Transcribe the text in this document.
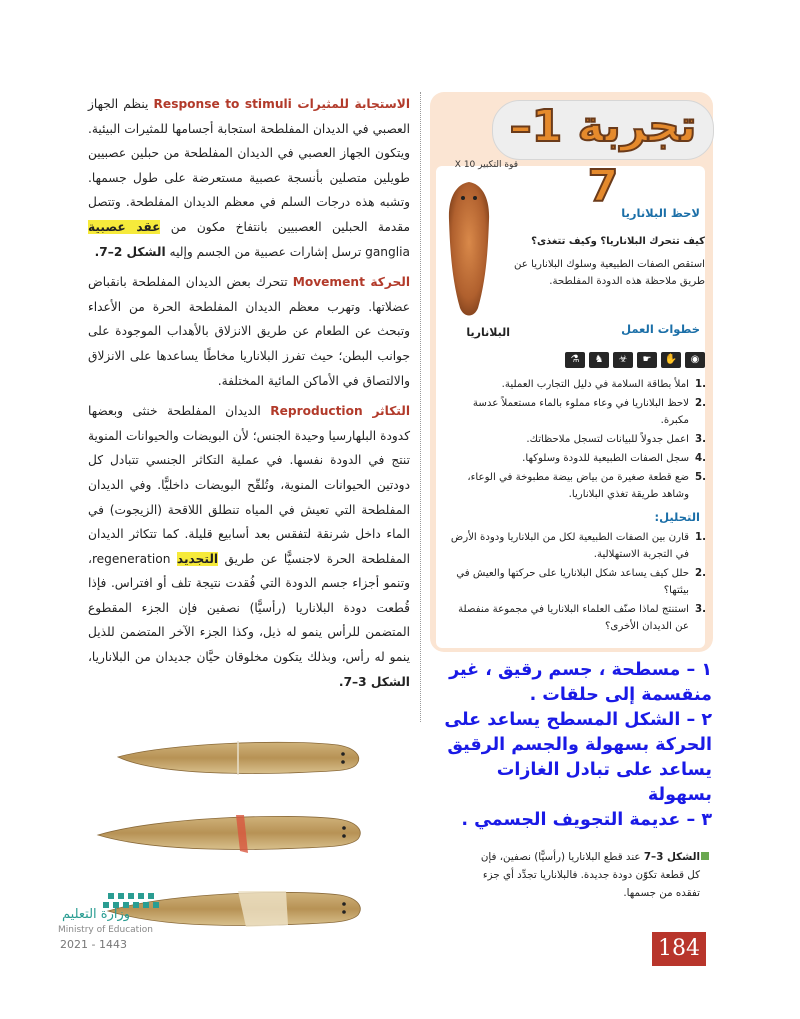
الاستجابة للمثيرات Response to stimuli ينظم الجهاز العصبي في الديدان المفلطحة استجابة أجسامها للمثيرات البيئية. ويتكون الجهاز العصبي في الديدان المفلطحة من حبلين عصبيين طويلين متصلين بأنسجة عصبية مستعرضة على طول جسمها. وتشبه هذه درجات السلم في معظم الديدان المفلطحة. وتتصل مقدمة الحبلين العصبيين بانتفاخ مكون من عقد عصبية ganglia ترسل إشارات عصبية من الجسم وإليه الشكل 2–7.

الحركة Movement تتحرك بعض الديدان المفلطحة بانقباض عضلاتها. وتهرب معظم الديدان المفلطحة الحرة من الأعداء وتبحث عن الطعام عن طريق الانزلاق بالأهداب الموجودة على جوانب البطن؛ حيث تفرز البلاناريا مخاطًا يساعدها على الانزلاق والالتصاق في الأماكن المائية المختلفة.

التكاثر Reproduction الديدان المفلطحة خنثى وبعضها كدودة البلهارسيا وحيدة الجنس؛ لأن البويضات والحيوانات المنوية تنتج في الدودة نفسها. في عملية التكاثر الجنسي تتبادل كل دودتين الحيوانات المنوية، وتُلقّح البويضات داخليًّا. وفي الديدان المفلطحة التي تعيش في المياه تنطلق اللاقحة (الزيجوت) في الماء داخل شرنقة لتفقس بعد أسابيع قليلة. كما تتكاثر الديدان المفلطحة الحرة لاجنسيًّا عن طريق التجديد regeneration، وتنمو أجزاء جسم الدودة التي فُقدت نتيجة تلف أو افتراس. فإذا قُطعت دودة البلاناريا (رأسيًّا) نصفين فإن الجزء المقطوع المتضمن للرأس ينمو له ذيل، وكذا الجزء الآخر المتضمن للذيل ينمو له رأس، وبذلك يتكون مخلوقان حيَّان جديدان من البلاناريا، الشكل 3–7.

تجربة 1–7
قوة التكبير 10 X
البلاناريا
لاحظ البلاناريا
كيف تتحرك البلاناريا؟ وكيف تتغذى؟
استقص الصفات الطبيعية وسلوك البلاناريا عن طريق ملاحظة هذه الدودة المفلطحة.
خطوات العمل
◉
✋
☛
☣
♞
⚗
1.
املأ بطاقة السلامة في دليل التجارب العملية.
2.
لاحظ البلاناريا في وعاء مملوء بالماء مستعملاً عدسة مكبرة.
3.
اعمل جدولاً للبيانات لتسجل ملاحظاتك.
4.
سجل الصفات الطبيعية للدودة وسلوكها.
5.
ضع قطعة صغيرة من بياض بيضة مطبوخة في الوعاء، وشاهد طريقة تغذي البلاناريا.
التحليل:
1.
قارن بين الصفات الطبيعية لكل من البلاناريا ودودة الأرض في التجربة الاستهلالية.
2.
حلل كيف يساعد شكل البلاناريا على حركتها والعيش في بيئتها؟
3.
استنتج لماذا صنّف العلماء البلاناريا في مجموعة منفصلة عن الديدان الأخرى؟
١ – مسطحة ، جسم رقيق ، غير منقسمة إلى حلقات .
٢ – الشكل المسطح يساعد على الحركة بسهولة والجسم الرقيق يساعد على تبادل الغازات بسهولة
٣ – عديمة التجويف الجسمي .
وزارة التعليم
Ministry of Education
2021 - 1443
الشكل 3–7 عند قطع البلاناريا (رأسيًّا) نصفين، فإن كل قطعة تكوّن دودة جديدة. فالبلاناريا تجدِّد أي جزء تفقده من جسمها.
184
